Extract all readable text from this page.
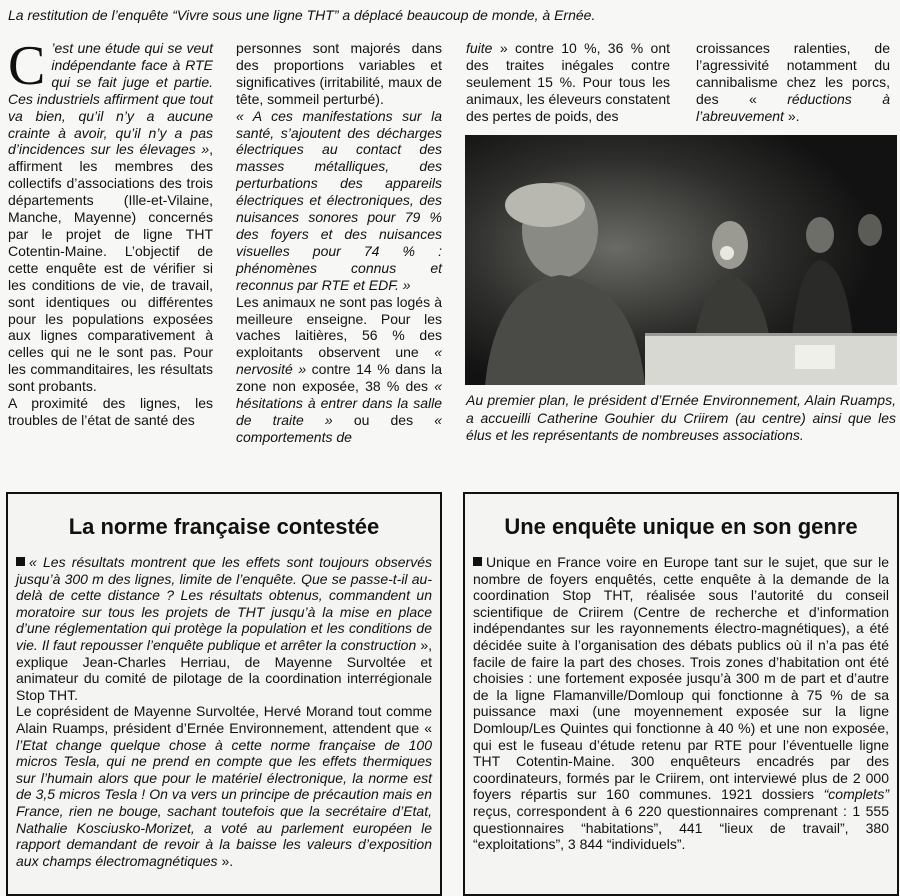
La restitution de l’enquête “Vivre sous une ligne THT” a déplacé beaucoup de monde, à Ernée.

C ’est une étude qui se veut indépendante face à RTE qui se fait juge et partie. Ces industriels affirment que tout va bien, qu’il n’y a aucune crainte à avoir, qu’il n’y a pas d’incidences sur les élevages », affirment les membres des collectifs d’associations des trois départements (Ille-et-Vilaine, Manche, Mayenne) concernés par le projet de ligne THT Cotentin-Maine. L’objectif de cette enquête est de vérifier si les conditions de vie, de travail, sont identiques ou différentes pour les populations exposées aux lignes comparativement à celles qui ne le sont pas. Pour les commanditaires, les résultats sont probants.

A proximité des lignes, les troubles de l’état de santé des

personnes sont majorés dans des proportions variables et significatives (irritabilité, maux de tête, sommeil perturbé).

« A ces manifestations sur la santé, s’ajoutent des décharges électriques au contact des masses métalliques, des perturbations des appareils électriques et électroniques, des nuisances sonores pour 79 % des foyers et des nuisances visuelles pour 74 % : phénomènes connus et reconnus par RTE et EDF. »

Les animaux ne sont pas logés à meilleure enseigne. Pour les vaches laitières, 56 % des exploitants observent une « nervosité » contre 14 % dans la zone non exposée, 38 % des « hésitations à entrer dans la salle de traite » ou des « comportements de

fuite » contre 10 %, 36 % ont des traites inégales contre seulement 15 %. Pour tous les animaux, les éleveurs constatent des pertes de poids, des

croissances ralenties, de l’agressivité notamment du cannibalisme chez les porcs, des « réductions à l’abreuvement ».

Au premier plan, le président d’Ernée Environnement, Alain Ruamps, a accueilli Catherine Gouhier du Criirem (au centre) ainsi que les élus et les représentants de nombreuses associations.
La norme française contestée

« Les résultats montrent que les effets sont toujours observés jusqu’à 300 m des lignes, limite de l’enquête. Que se passe-t-il au-delà de cette distance ? Les résultats obtenus, commandent un moratoire sur tous les projets de THT jusqu’à la mise en place d’une réglementation qui protège la population et les conditions de vie. Il faut repousser l’enquête publique et arrêter la construction », explique Jean-Charles Herriau, de Mayenne Survoltée et animateur du comité de pilotage de la coordination interrégionale Stop THT.

Le coprésident de Mayenne Survoltée, Hervé Morand tout comme Alain Ruamps, président d’Ernée Environnement, attendent que « l’Etat change quelque chose à cette norme française de 100 micros Tesla, qui ne prend en compte que les effets thermiques sur l’humain alors que pour le matériel électronique, la norme est de 3,5 micros Tesla ! On va vers un principe de précaution mais en France, rien ne bouge, sachant toutefois que la secrétaire d’Etat, Nathalie Kosciusko-Morizet, a voté au parlement européen le rapport demandant de revoir à la baisse les valeurs d’exposition aux champs électromagnétiques ».

Une enquête unique en son genre

Unique en France voire en Europe tant sur le sujet, que sur le nombre de foyers enquêtés, cette enquête à la demande de la coordination Stop THT, réalisée sous l’autorité du conseil scientifique de Criirem (Centre de recherche et d’information indépendantes sur les rayonnements électro-magnétiques), a été décidée suite à l’organisation des débats publics où il n’a pas été facile de faire la part des choses. Trois zones d’habitation ont été choisies : une fortement exposée jusqu’à 300 m de part et d’autre de la ligne Flamanville/Domloup qui fonctionne à 75 % de sa puissance maxi (une moyennement exposée sur la ligne Domloup/Les Quintes qui fonctionne à 40 %) et une non exposée, qui est le fuseau d’étude retenu par RTE pour l’éventuelle ligne THT Cotentin-Maine. 300 enquêteurs encadrés par des coordinateurs, formés par le Criirem, ont interviewé plus de 2 000 foyers répartis sur 160 communes. 1921 dossiers “complets” reçus, correspondent à 6 220 questionnaires comprenant : 1 555 questionnaires “habitations”, 441 “lieux de travail”, 380 “exploitations”, 3 844 “individuels”.
